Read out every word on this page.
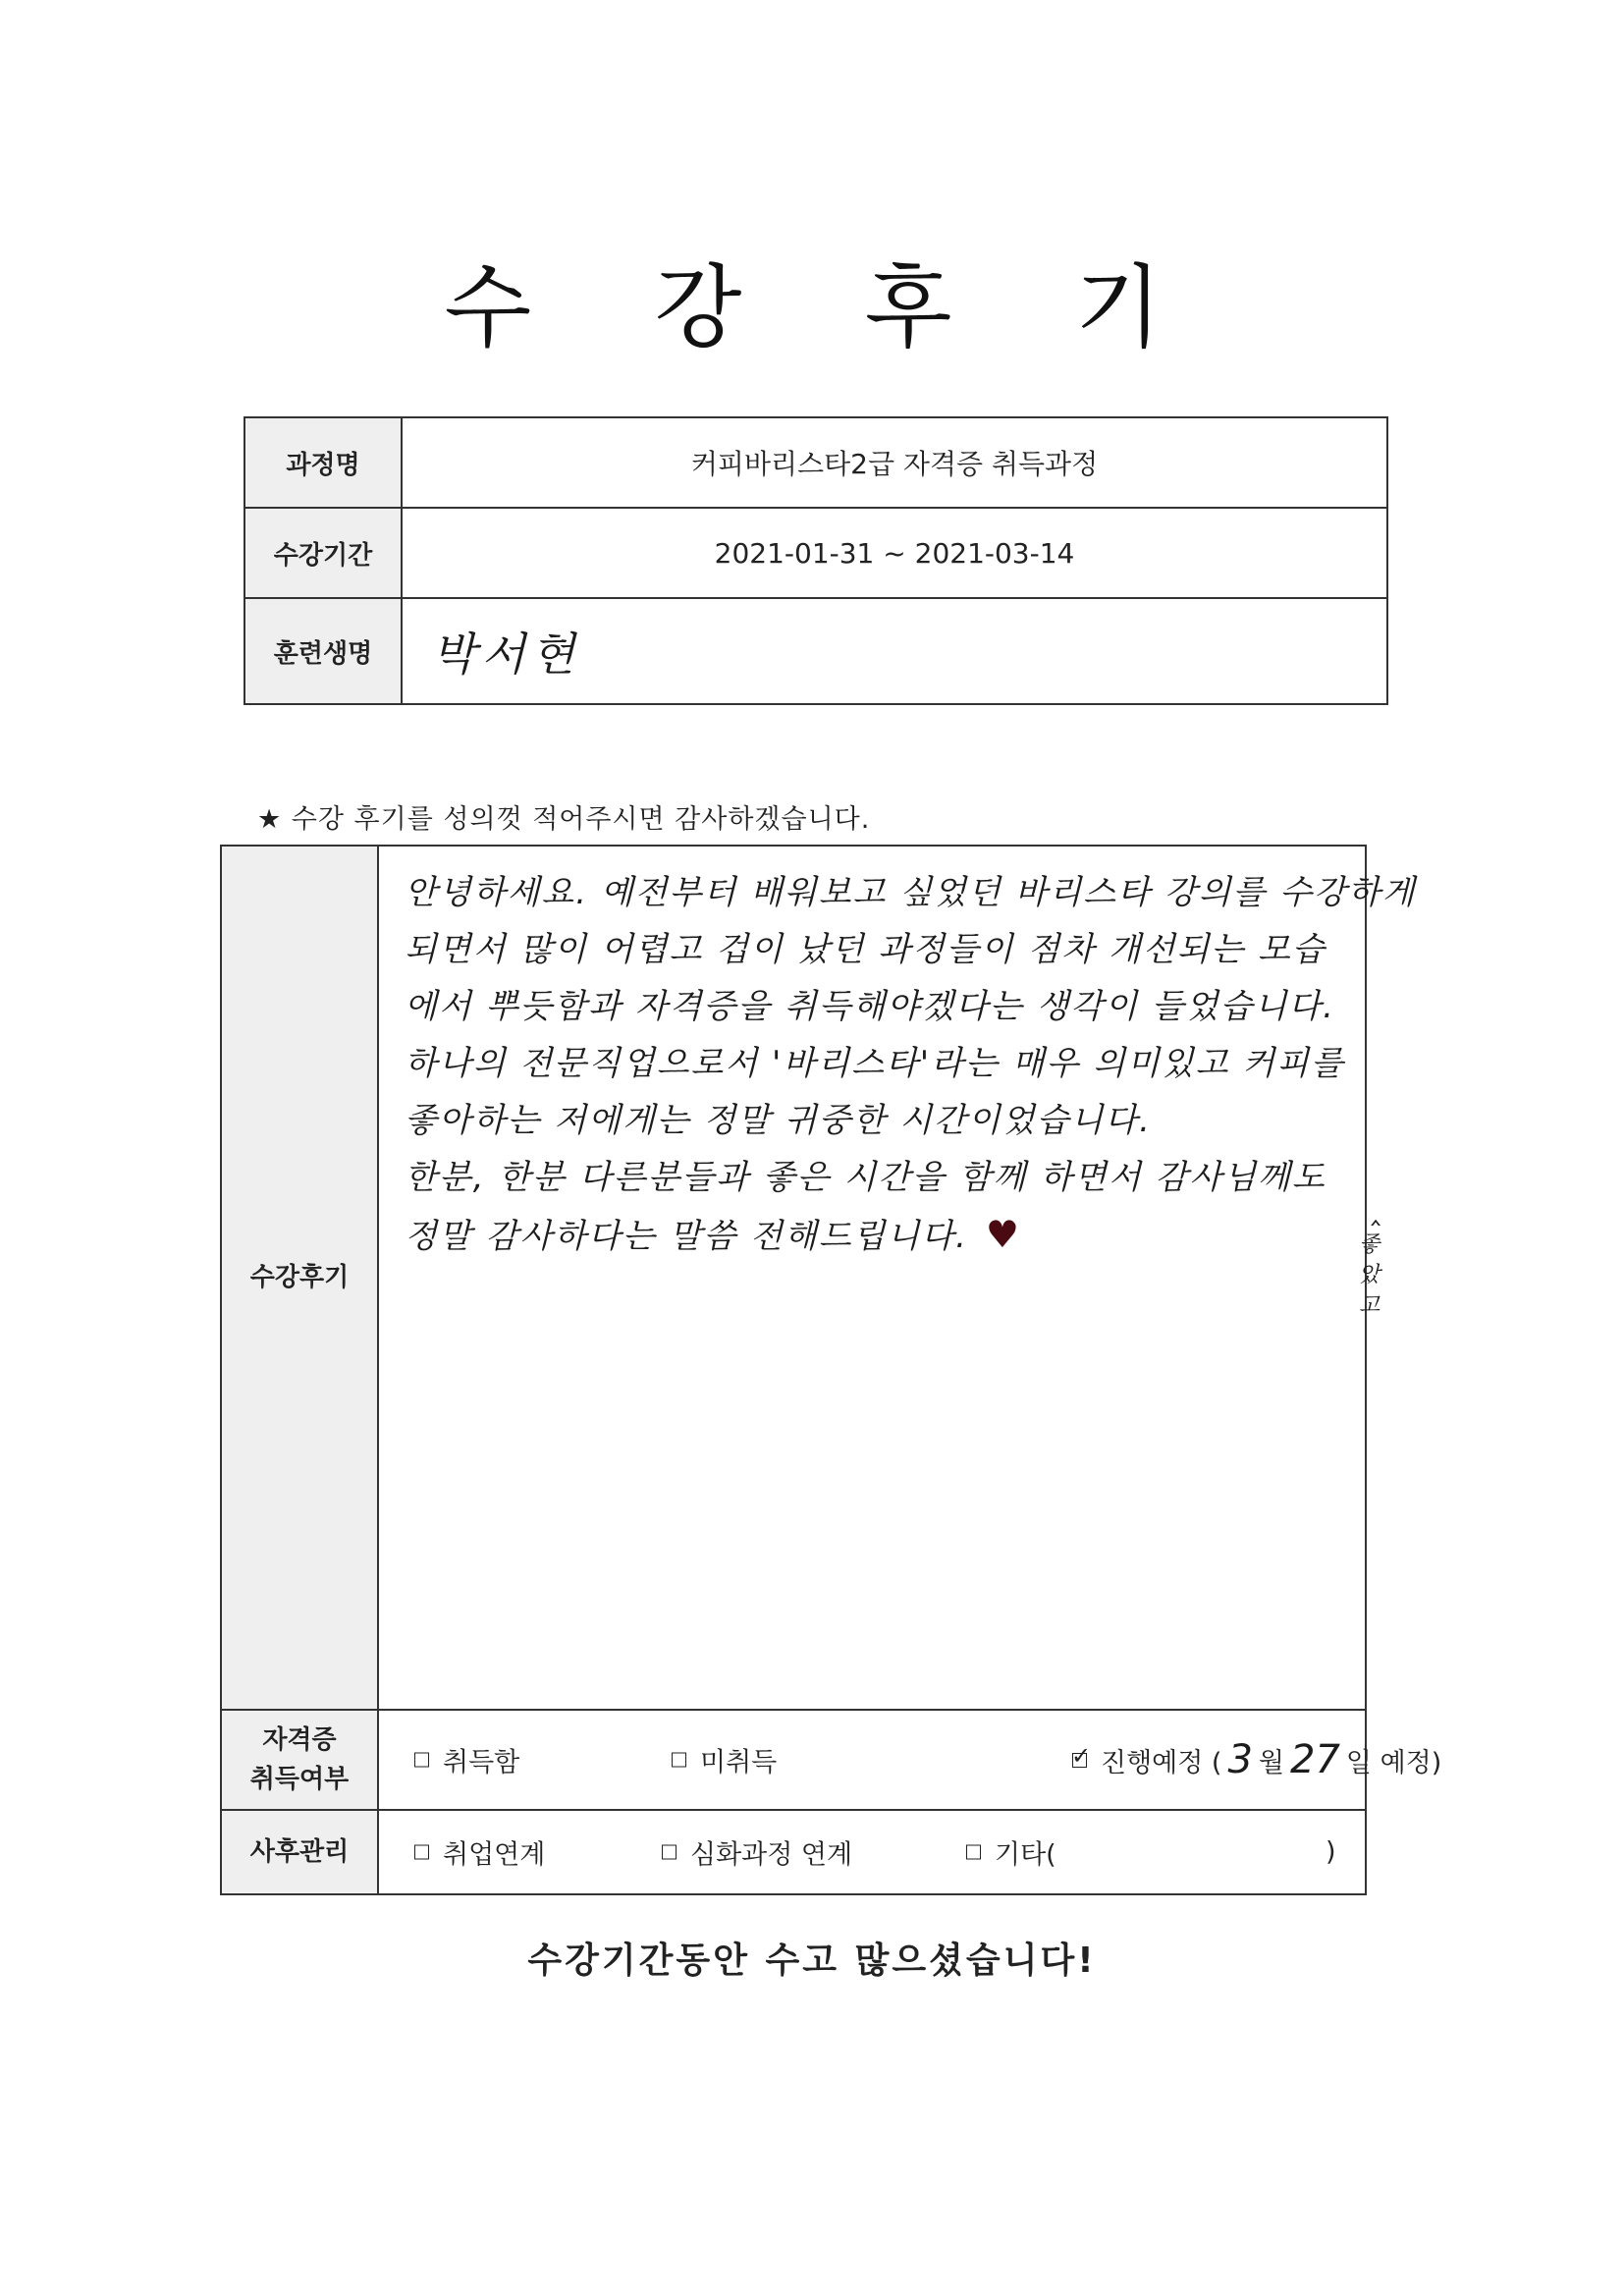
수 강 후 기
과정명	커피바리스타2급 자격증 취득과정
수강기간	2021-01-31 ~ 2021-03-14
훈련생명	박서현
★ 수강 후기를 성의껏 적어주시면 감사하겠습니다.
수강후기
안녕하세요. 예전부터 배워보고 싶었던 바리스타 강의를 수강하게
되면서 많이 어렵고 겁이 났던 과정들이 점차 개선되는 모습
에서 뿌듯함과 자격증을 취득해야겠다는 생각이 들었습니다.
하나의 전문직업으로서 '바리스타'라는 매우 의미있고 커피를
좋아하는 저에게는 정말 귀중한 시간이었습니다.
한분, 한분 다른분들과 좋은 시간을 함께 하면서 감사님께도
정말 감사하다는 말씀 전해드립니다. ♥
‸
좋았고
자격증
취득여부
취득함	미취득
✓	진행예정 ( 3 월 27 일 예정)
사후관리	취업연계	심화과정 연계	기타(	)
수강기간동안 수고 많으셨습니다!
